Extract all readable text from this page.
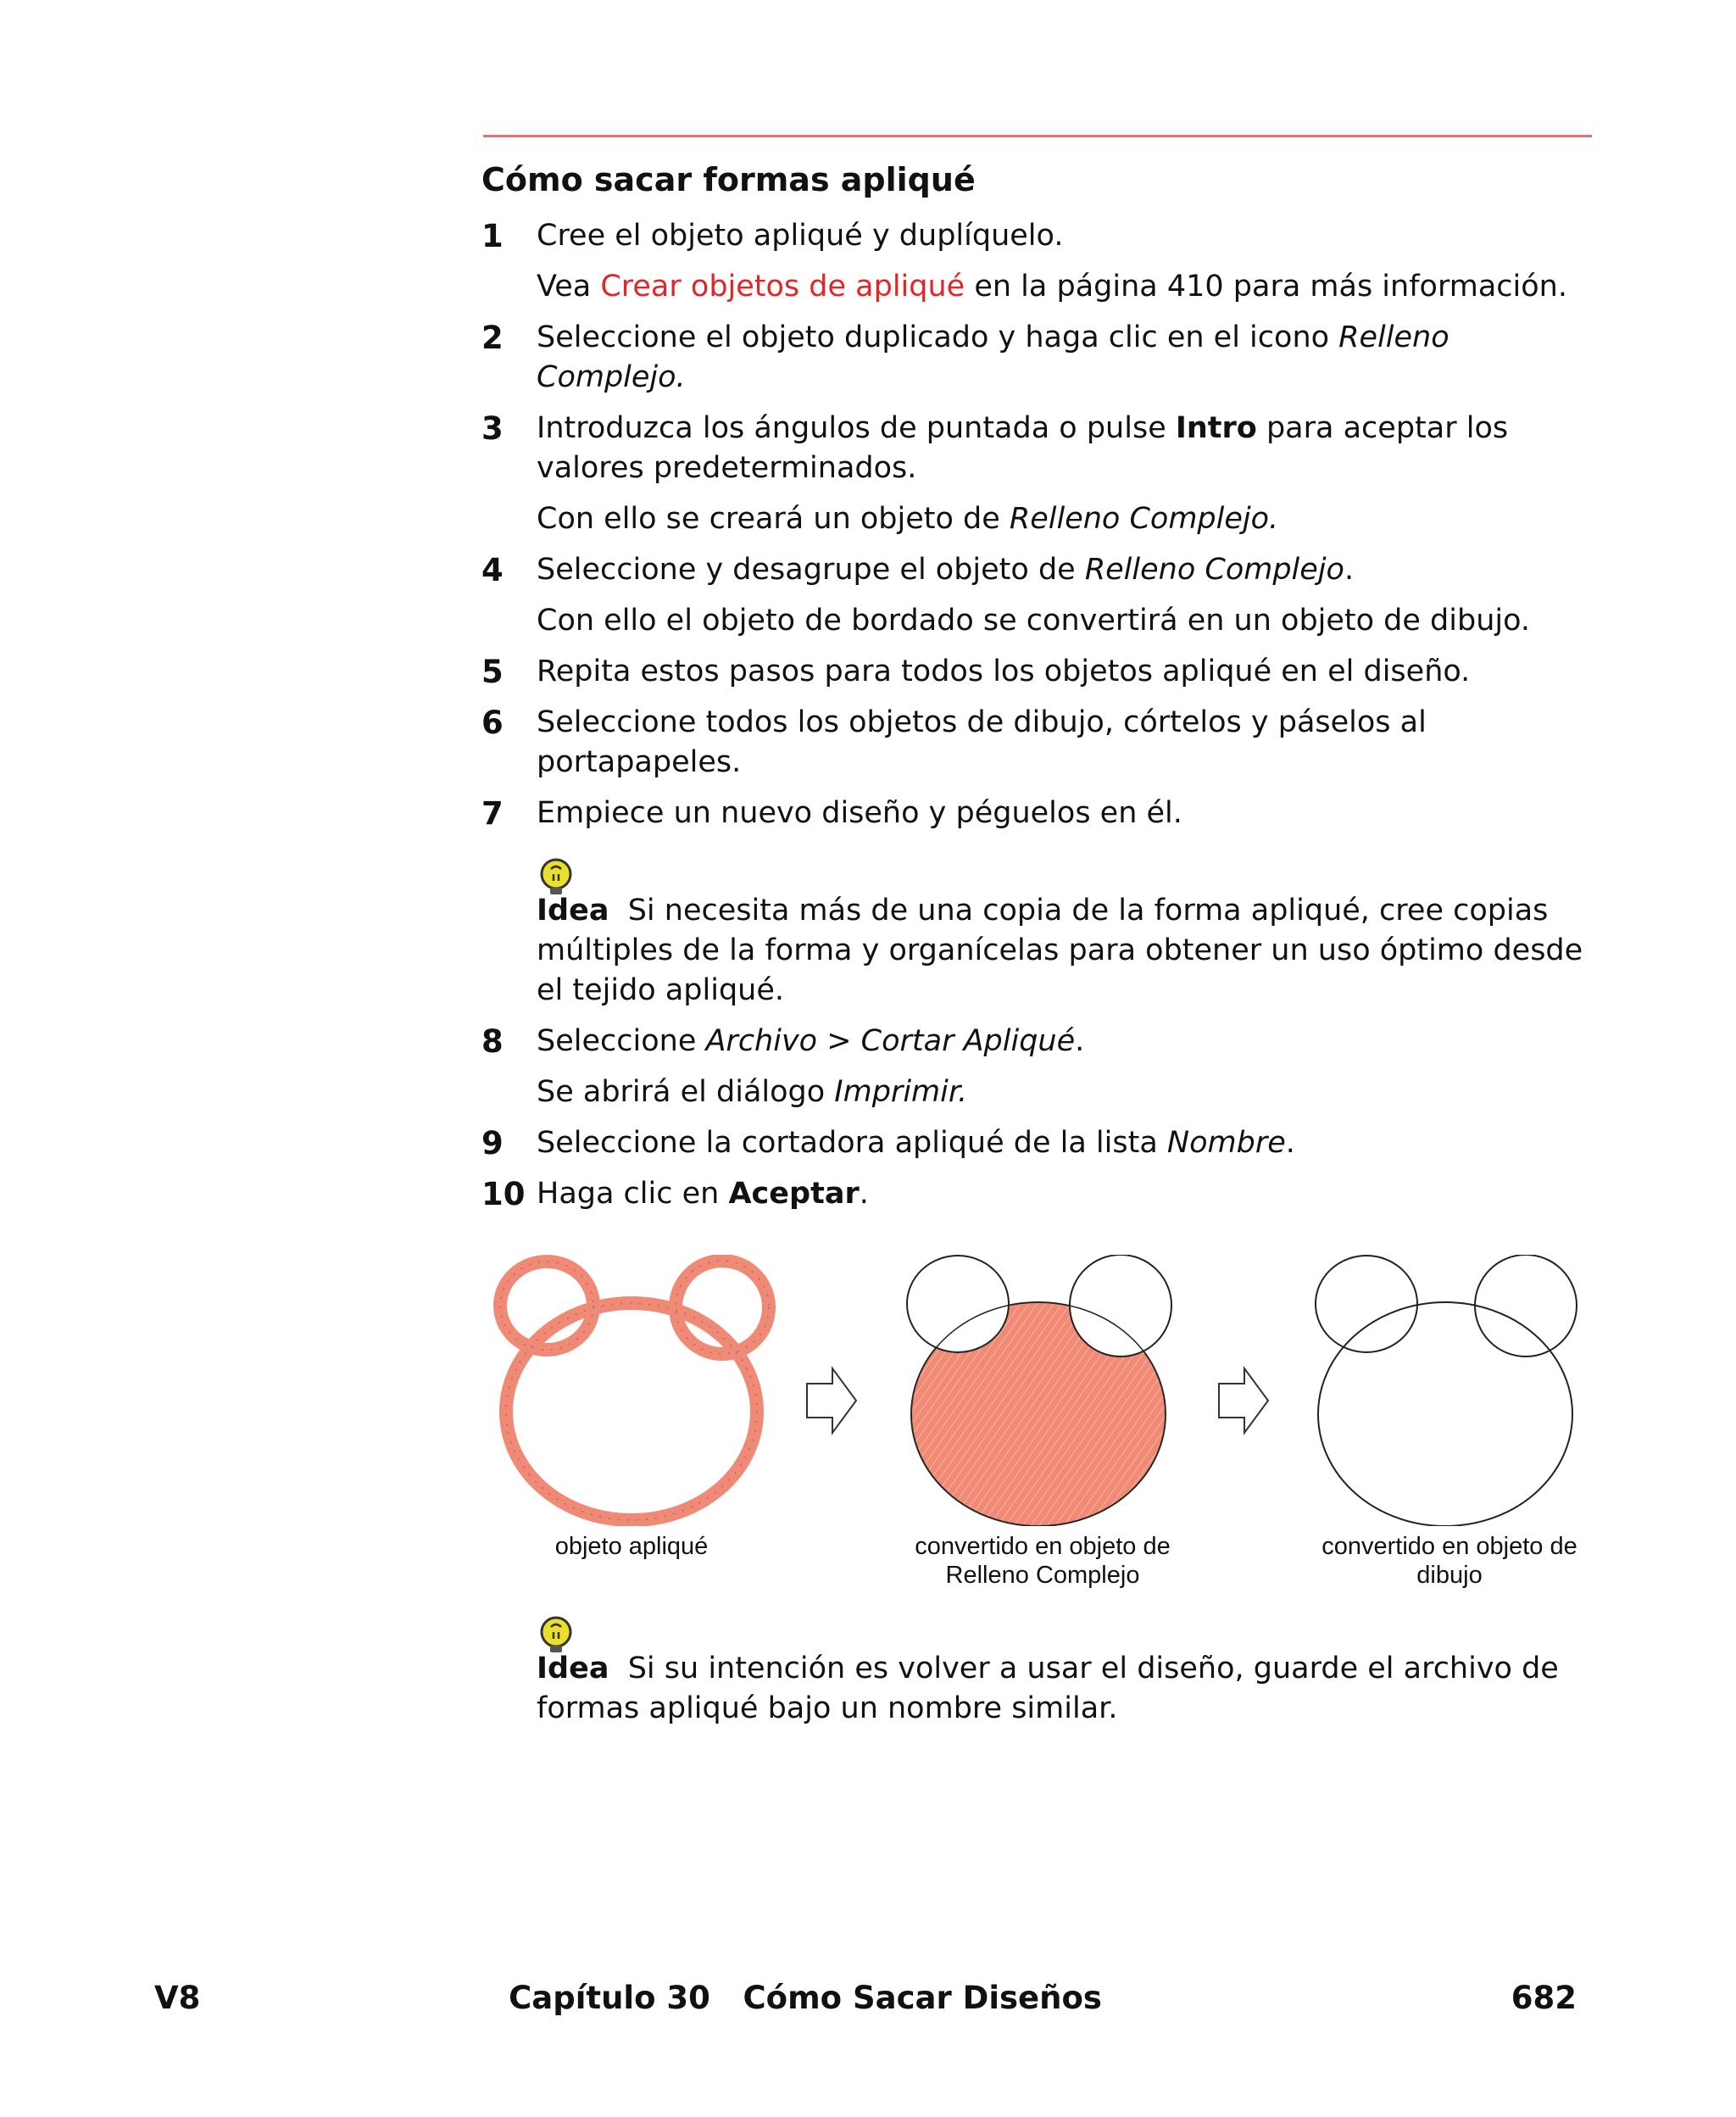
Cómo sacar formas apliqué
1 Cree el objeto apliqué y duplíquelo.
Vea Crear objetos de apliqué en la página 410 para más información.
2 Seleccione el objeto duplicado y haga clic en el icono Relleno Complejo.
3 Introduzca los ángulos de puntada o pulse Intro para aceptar los valores predeterminados.
Con ello se creará un objeto de Relleno Complejo.
4 Seleccione y desagrupe el objeto de Relleno Complejo.
Con ello el objeto de bordado se convertirá en un objeto de dibujo.
5 Repita estos pasos para todos los objetos apliqué en el diseño.
6 Seleccione todos los objetos de dibujo, córtelos y páselos al portapapeles.
7 Empiece un nuevo diseño y péguelos en él.
Idea Si necesita más de una copia de la forma apliqué, cree copias múltiples de la forma y organícelas para obtener un uso óptimo desde el tejido apliqué.
8 Seleccione Archivo > Cortar Apliqué.
Se abrirá el diálogo Imprimir.
9 Seleccione la cortadora apliqué de la lista Nombre.
10 Haga clic en Aceptar.
objeto apliqué	convertido en objeto de
Relleno Complejo
convertido en objeto de
dibujo
Idea Si su intención es volver a usar el diseño, guarde el archivo de formas apliqué bajo un nombre similar.
V8	Capítulo 30   Cómo Sacar Diseños	682
